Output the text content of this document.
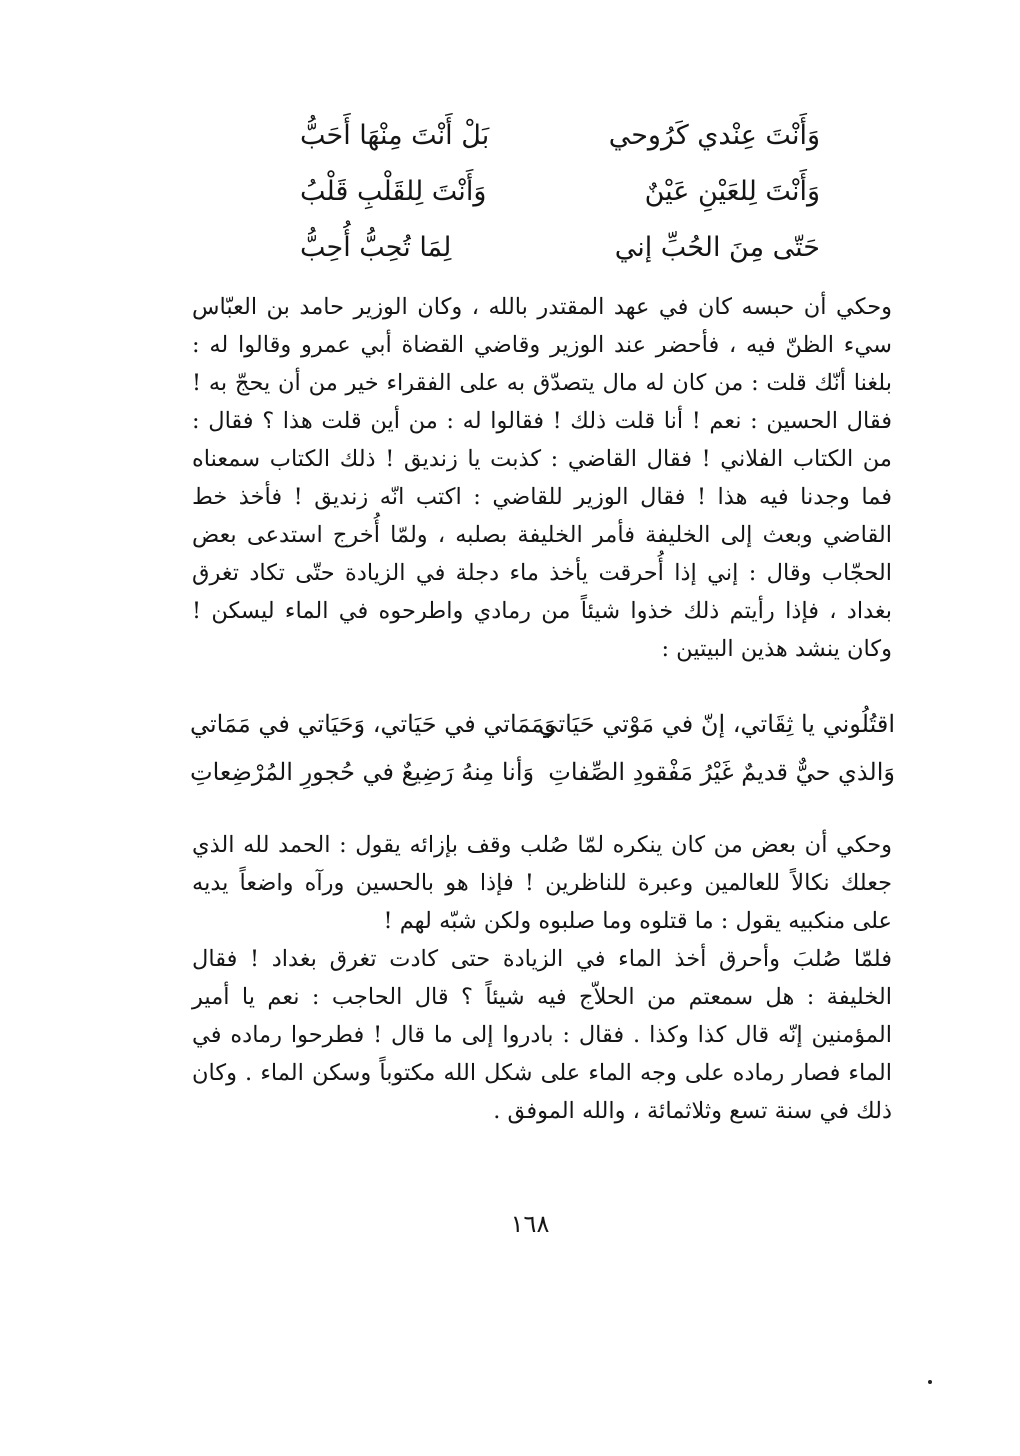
وَأَنْتَ عِنْدي كَرُوحي
بَلْ أَنْتَ مِنْهَا أَحَبُّ
وَأَنْتَ لِلعَيْنِ عَيْنٌ
وَأَنْتَ لِلقَلْبِ قَلْبُ
حَتّى مِنَ الحُبِّ إني
لِمَا تُحِبُّ أُحِبُّ

وحكي أن حبسه كان في عهد المقتدر بالله ، وكان الوزير حامد بن العبّاس سيء الظنّ فيه ، فأحضر عند الوزير وقاضي القضاة أبي عمرو وقالوا له : بلغنا أنّك قلت : من كان له مال يتصدّق به على الفقراء خير من أن يحجّ به ! فقال الحسين : نعم ! أنا قلت ذلك ! فقالوا له : من أين قلت هذا ؟ فقال : من الكتاب الفلاني ! فقال القاضي : كذبت يا زنديق ! ذلك الكتاب سمعناه فما وجدنا فيه هذا ! فقال الوزير للقاضي : اكتب انّه زنديق ! فأخذ خط القاضي وبعث إلى الخليفة فأمر الخليفة بصلبه ، ولمّا أُخرج استدعى بعض الحجّاب وقال : إني إذا أُحرقت يأخذ ماء دجلة في الزيادة حتّى تكاد تغرق بغداد ، فإذا رأيتم ذلك خذوا شيئاً من رمادي واطرحوه في الماء ليسكن ! وكان ينشد هذين البيتين :

اقتُلُوني يا ثِقَاتي، إنّ في مَوْتي حَيَاتي
وَمَمَاتي في حَيَاتي، وَحَيَاتي في مَمَاتي
وَالذي حيٌّ قديمٌ غَيْرُ مَفْقودِ الصِّفاتِ
وَأنا مِنهُ رَضِيعٌ في حُجورِ المُرْضِعاتِ

وحكي أن بعض من كان ينكره لمّا صُلب وقف بإزائه يقول : الحمد لله الذي جعلك نكالاً للعالمين وعبرة للناظرين ! فإذا هو بالحسين ورآه واضعاً يديه على منكبيه يقول : ما قتلوه وما صلبوه ولكن شبّه لهم !

فلمّا صُلبَ وأحرق أخذ الماء في الزيادة حتى كادت تغرق بغداد ! فقال الخليفة : هل سمعتم من الحلاّج فيه شيئاً ؟ قال الحاجب : نعم يا أمير المؤمنين إنّه قال كذا وكذا . فقال : بادروا إلى ما قال ! فطرحوا رماده في الماء فصار رماده على وجه الماء على شكل الله مكتوباً وسكن الماء . وكان ذلك في سنة تسع وثلاثمائة ، والله الموفق .

١٦٨
